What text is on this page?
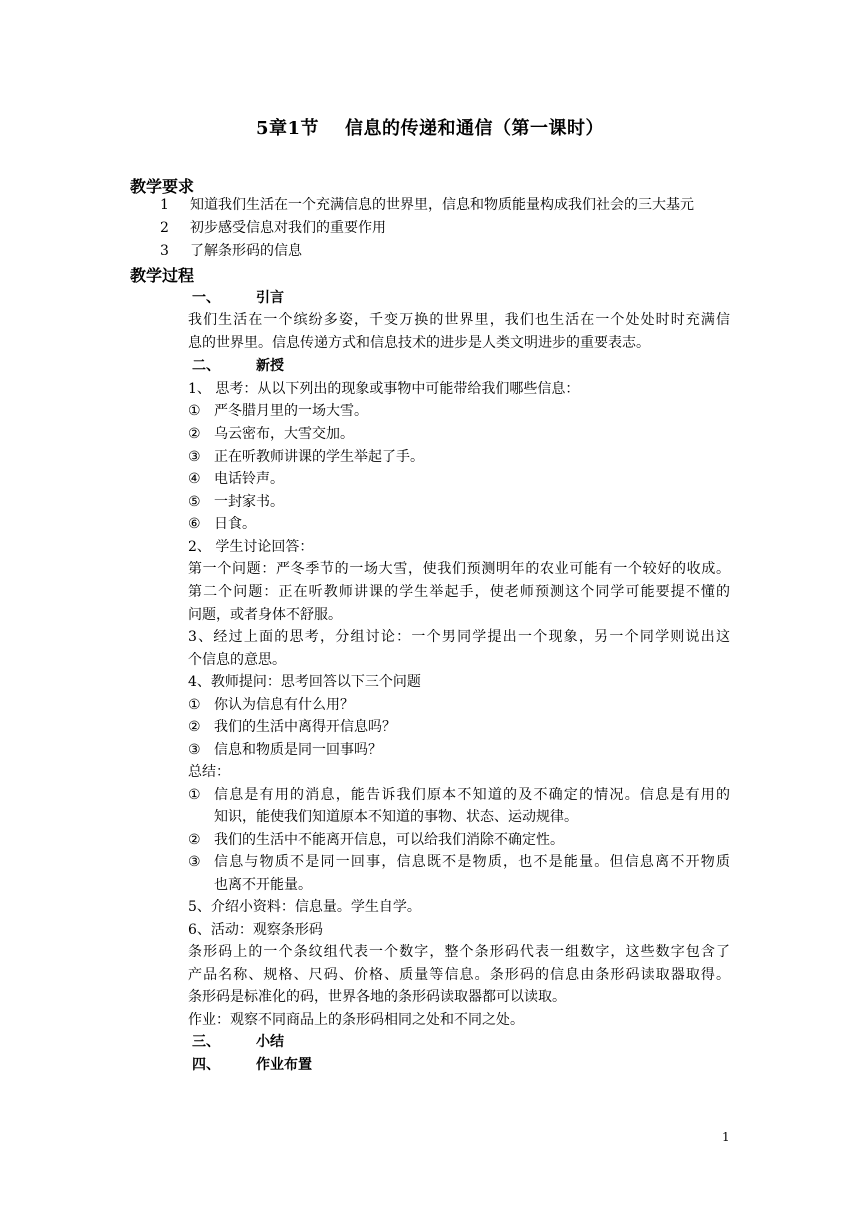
5章1节 信息的传递和通信（第一课时）
教学要求
1 知道我们生活在一个充满信息的世界里，信息和物质能量构成我们社会的三大基元
2 初步感受信息对我们的重要作用
3 了解条形码的信息
教学过程
一、	引言
我们生活在一个缤纷多姿，千变万换的世界里，我们也生活在一个处处时时充满信
息的世界里。信息传递方式和信息技术的进步是人类文明进步的重要表志。
二、	新授
1、 思考：从以下列出的现象或事物中可能带给我们哪些信息：
① 严冬腊月里的一场大雪。
② 乌云密布，大雪交加。
③ 正在听教师讲课的学生举起了手。
④ 电话铃声。
⑤ 一封家书。
⑥ 日食。
2、 学生讨论回答：
第一个问题：严冬季节的一场大雪，使我们预测明年的农业可能有一个较好的收成。
第二个问题：正在听教师讲课的学生举起手，使老师预测这个同学可能要提不懂的
问题，或者身体不舒服。
3、经过上面的思考，分组讨论：一个男同学提出一个现象，另一个同学则说出这
个信息的意思。
4、教师提问：思考回答以下三个问题
① 你认为信息有什么用？
② 我们的生活中离得开信息吗？
③ 信息和物质是同一回事吗？
总结：
① 信息是有用的消息，能告诉我们原本不知道的及不确定的情况。信息是有用的
知识，能使我们知道原本不知道的事物、状态、运动规律。
② 我们的生活中不能离开信息，可以给我们消除不确定性。
③ 信息与物质不是同一回事，信息既不是物质，也不是能量。但信息离不开物质
也离不开能量。
5、介绍小资料：信息量。学生自学。
6、活动：观察条形码
条形码上的一个条纹组代表一个数字，整个条形码代表一组数字，这些数字包含了
产品名称、规格、尺码、价格、质量等信息。条形码的信息由条形码读取器取得。
条形码是标准化的码，世界各地的条形码读取器都可以读取。
作业：观察不同商品上的条形码相同之处和不同之处。
三、	小结
四、	作业布置
1
